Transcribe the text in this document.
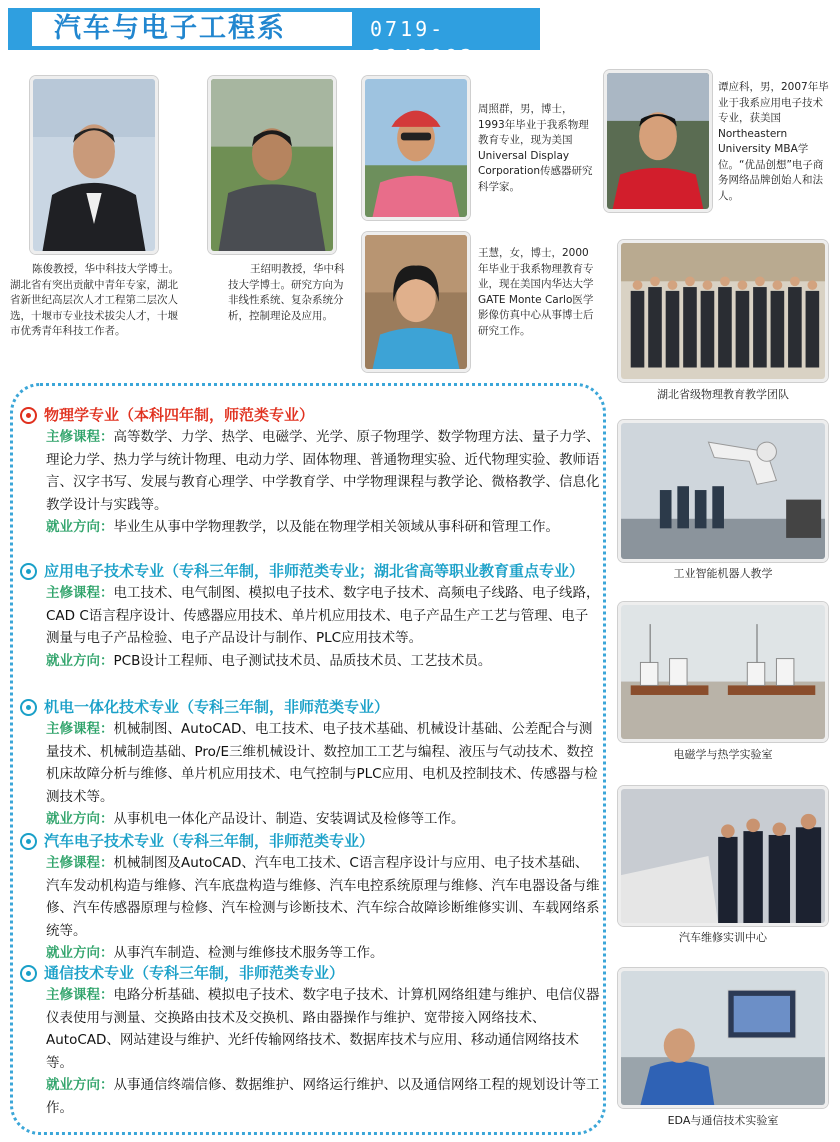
汽车与电子工程系	0719-8846092
陈俊教授，华中科技大学博士。湖北省有突出贡献中青年专家，湖北省新世纪高层次人才工程第二层次人选，十堰市专业技术拔尖人才，十堰市优秀青年科技工作者。
王绍明教授，华中科技大学博士。研究方向为非线性系统、复杂系统分析，控制理论及应用。
周照群，男，博士，1993年毕业于我系物理教育专业，现为美国Universal Display Corporation传感器研究科学家。
王慧，女，博士，2000年毕业于我系物理教育专业，现在美国内华达大学GATE Monte Carlo医学影像仿真中心从事博士后研究工作。
谭应科，男，2007年毕业于我系应用电子技术专业，获美国Northeastern University MBA学位。“优品创想”电子商务网络品牌创始人和法人。
湖北省级物理教育教学团队
工业智能机器人教学
电磁学与热学实验室
汽车维修实训中心
EDA与通信技术实验室
物理学专业（本科四年制，师范类专业）
主修课程：高等数学、力学、热学、电磁学、光学、原子物理学、数学物理方法、量子力学、理论力学、热力学与统计物理、电动力学、固体物理、普通物理实验、近代物理实验、教师语言、汉字书写、发展与教育心理学、中学教育学、中学物理课程与教学论、微格教学、信息化教学设计与实践等。
就业方向：毕业生从事中学物理教学，以及能在物理学相关领域从事科研和管理工作。
应用电子技术专业（专科三年制，非师范类专业；湖北省高等职业教育重点专业）
主修课程：电工技术、电气制图、模拟电子技术、数字电子技术、高频电子线路、电子线路，CAD C语言程序设计、传感器应用技术、单片机应用技术、电子产品生产工艺与管理、电子测量与电子产品检验、电子产品设计与制作、PLC应用技术等。
就业方向：PCB设计工程师、电子测试技术员、品质技术员、工艺技术员。
机电一体化技术专业（专科三年制，非师范类专业）
主修课程：机械制图、AutoCAD、电工技术、电子技术基础、机械设计基础、公差配合与测量技术、机械制造基础、Pro/E三维机械设计、数控加工工艺与编程、液压与气动技术、数控机床故障分析与维修、单片机应用技术、电气控制与PLC应用、电机及控制技术、传感器与检测技术等。
就业方向：从事机电一体化产品设计、制造、安装调试及检修等工作。
汽车电子技术专业（专科三年制，非师范类专业）
主修课程：机械制图及AutoCAD、汽车电工技术、C语言程序设计与应用、电子技术基础、汽车发动机构造与维修、汽车底盘构造与维修、汽车电控系统原理与维修、汽车电器设备与维修、汽车传感器原理与检修、汽车检测与诊断技术、汽车综合故障诊断维修实训、车载网络系统等。
就业方向：从事汽车制造、检测与维修技术服务等工作。
通信技术专业（专科三年制，非师范类专业）
主修课程：电路分析基础、模拟电子技术、数字电子技术、计算机网络组建与维护、电信仪器仪表使用与测量、交换路由技术及交换机、路由器操作与维护、宽带接入网络技术、AutoCAD、网站建设与维护、光纤传输网络技术、数据库技术与应用、移动通信网络技术等。
就业方向：从事通信终端信修、数据维护、网络运行维护、以及通信网络工程的规划设计等工作。
